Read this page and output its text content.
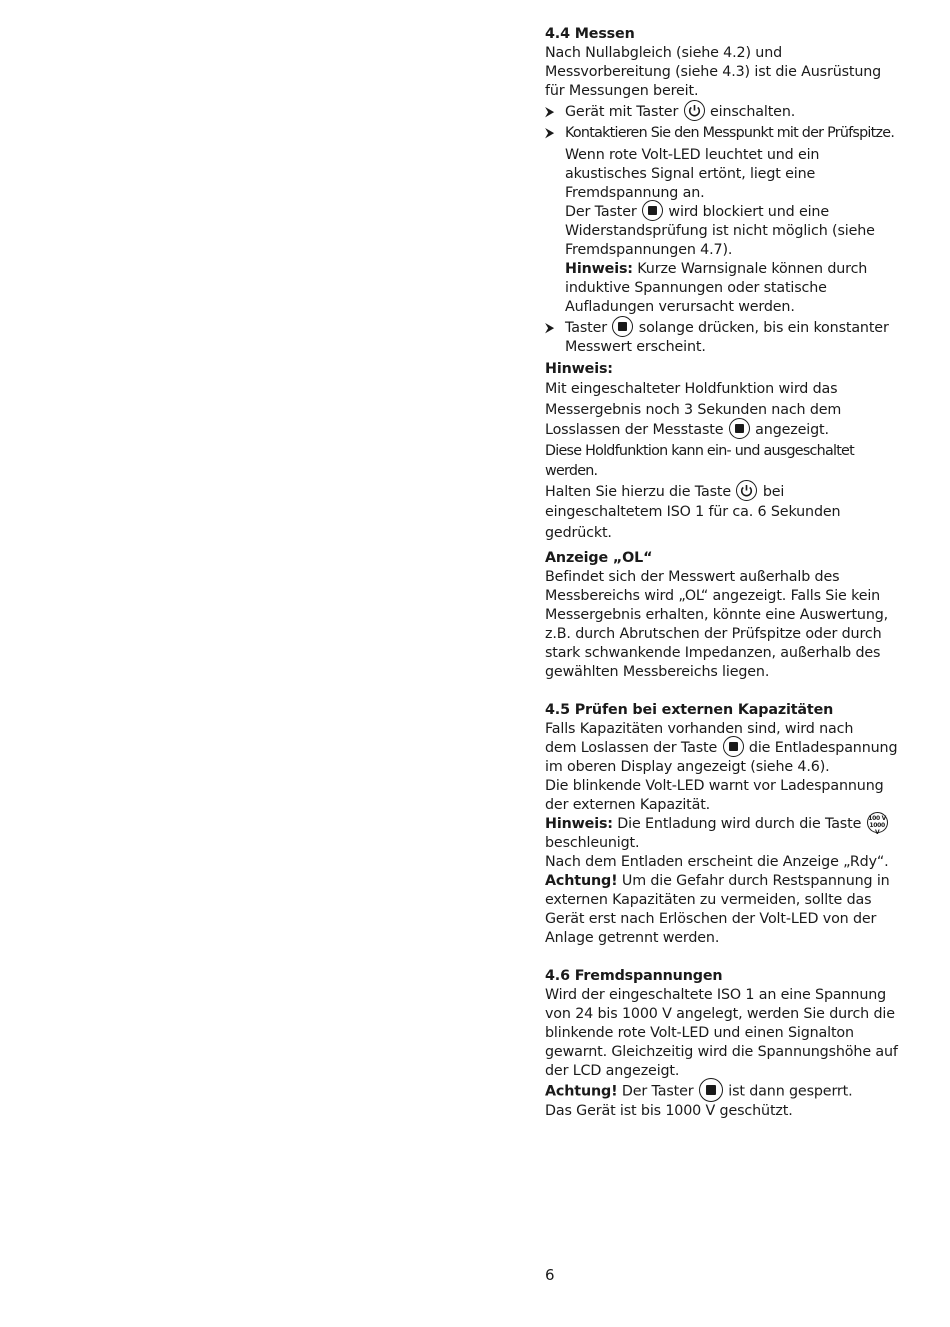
4.4 Messen

Nach Nullabgleich (siehe 4.2) und Messvorbereitung (siehe 4.3) ist die Ausrüstung für Messungen bereit.

⮞ Gerät mit Taster einschalten.
⮞ Kontaktieren Sie den Messpunkt mit der Prüfspitze.

Wenn rote Volt-LED leuchtet und ein akustisches Signal ertönt, liegt eine Fremdspannung an.

Der Taster wird blockiert und eine Widerstandsprüfung ist nicht möglich (siehe Fremdspannungen 4.7).

Hinweis: Kurze Warnsignale können durch induktive Spannungen oder statische Aufladungen verursacht werden.

⮞ Taster solange drücken, bis ein konstanter Messwert erscheint.

Hinweis:

Mit eingeschalteter Holdfunktion wird das Messergebnis noch 3 Sekunden nach dem Losslassen der Messtaste angezeigt.

Diese Holdfunktion kann ein- und ausgeschaltet werden.

Halten Sie hierzu die Taste bei eingeschaltetem ISO 1 für ca. 6 Sekunden gedrückt.

Anzeige „OL“

Befindet sich der Messwert außerhalb des Messbereichs wird „OL“ angezeigt. Falls Sie kein Messergebnis erhalten, könnte eine Auswertung, z.B. durch Abrutschen der Prüfspitze oder durch stark schwankende Impedanzen, außerhalb des gewählten Messbereichs liegen.

4.5 Prüfen bei externen Kapazitäten

Falls Kapazitäten vorhanden sind, wird nach

dem Loslassen der Taste die Entladespannung im oberen Display angezeigt (siehe 4.6).

Die blinkende Volt-LED warnt vor Ladespannung der externen Kapazität.

Hinweis: Die Entladung wird durch die Taste 100 V
1000 V beschleunigt.

Nach dem Entladen erscheint die Anzeige „Rdy“.

Achtung! Um die Gefahr durch Restspannung in externen Kapazitäten zu vermeiden, sollte das Gerät erst nach Erlöschen der Volt-LED von der Anlage getrennt werden.

4.6 Fremdspannungen

Wird der eingeschaltete ISO 1 an eine Spannung von 24 bis 1000 V angelegt, werden Sie durch die blinkende rote Volt-LED und einen Signalton gewarnt. Gleichzeitig wird die Spannungshöhe auf der LCD angezeigt.

Achtung! Der Taster ist dann gesperrt.

Das Gerät ist bis 1000 V geschützt.

6
